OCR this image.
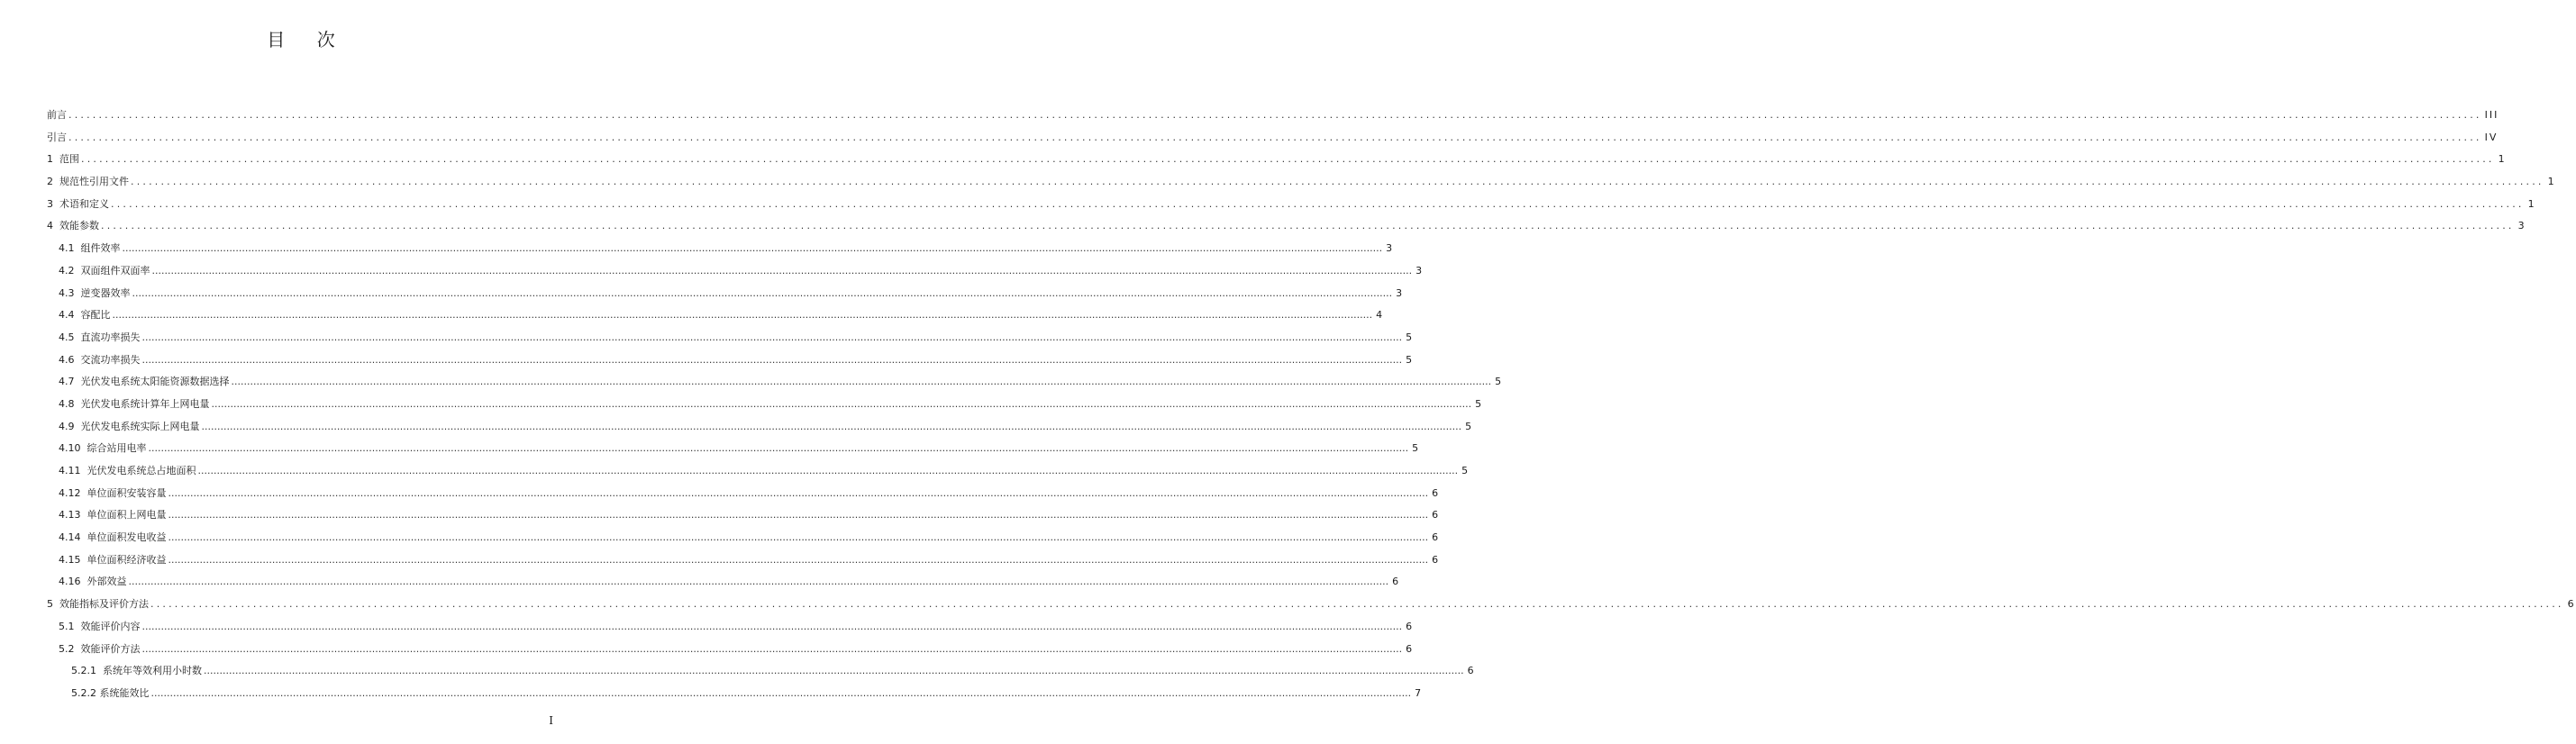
目    次
前言 ................................................................................................................................................................................................................................................................................................................................................................................................................ III
引言 ................................................................................................................................................................................................................................................................................................................................................................................................................ IV
1  范围 ................................................................................................................................................................................................................................................................................................................................................................................................................ 1
2  规范性引用文件 ................................................................................................................................................................................................................................................................................................................................................................................................................ 1
3  术语和定义 ................................................................................................................................................................................................................................................................................................................................................................................................................ 1
4  效能参数 ................................................................................................................................................................................................................................................................................................................................................................................................................ 3
4.1  组件效率 ................................................................................................................................................................................................................................................................................................................................................................................................................ 3
4.2  双面组件双面率 ................................................................................................................................................................................................................................................................................................................................................................................................................ 3
4.3  逆变器效率 ................................................................................................................................................................................................................................................................................................................................................................................................................ 3
4.4  容配比 ................................................................................................................................................................................................................................................................................................................................................................................................................ 4
4.5  直流功率损失 ................................................................................................................................................................................................................................................................................................................................................................................................................ 5
4.6  交流功率损失 ................................................................................................................................................................................................................................................................................................................................................................................................................ 5
4.7  光伏发电系统太阳能资源数据选择 ................................................................................................................................................................................................................................................................................................................................................................................................................ 5
4.8  光伏发电系统计算年上网电量 ................................................................................................................................................................................................................................................................................................................................................................................................................ 5
4.9  光伏发电系统实际上网电量 ................................................................................................................................................................................................................................................................................................................................................................................................................ 5
4.10  综合站用电率 ................................................................................................................................................................................................................................................................................................................................................................................................................ 5
4.11  光伏发电系统总占地面积 ................................................................................................................................................................................................................................................................................................................................................................................................................ 5
4.12  单位面积安装容量 ................................................................................................................................................................................................................................................................................................................................................................................................................ 6
4.13  单位面积上网电量 ................................................................................................................................................................................................................................................................................................................................................................................................................ 6
4.14  单位面积发电收益 ................................................................................................................................................................................................................................................................................................................................................................................................................ 6
4.15  单位面积经济收益 ................................................................................................................................................................................................................................................................................................................................................................................................................ 6
4.16  外部效益 ................................................................................................................................................................................................................................................................................................................................................................................................................ 6
5  效能指标及评价方法 ................................................................................................................................................................................................................................................................................................................................................................................................................ 6
5.1  效能评价内容 ................................................................................................................................................................................................................................................................................................................................................................................................................ 6
5.2  效能评价方法 ................................................................................................................................................................................................................................................................................................................................................................................................................ 6
5.2.1  系统年等效利用小时数 ................................................................................................................................................................................................................................................................................................................................................................................................................ 6
5.2.2 系统能效比 ................................................................................................................................................................................................................................................................................................................................................................................................................ 7
I
